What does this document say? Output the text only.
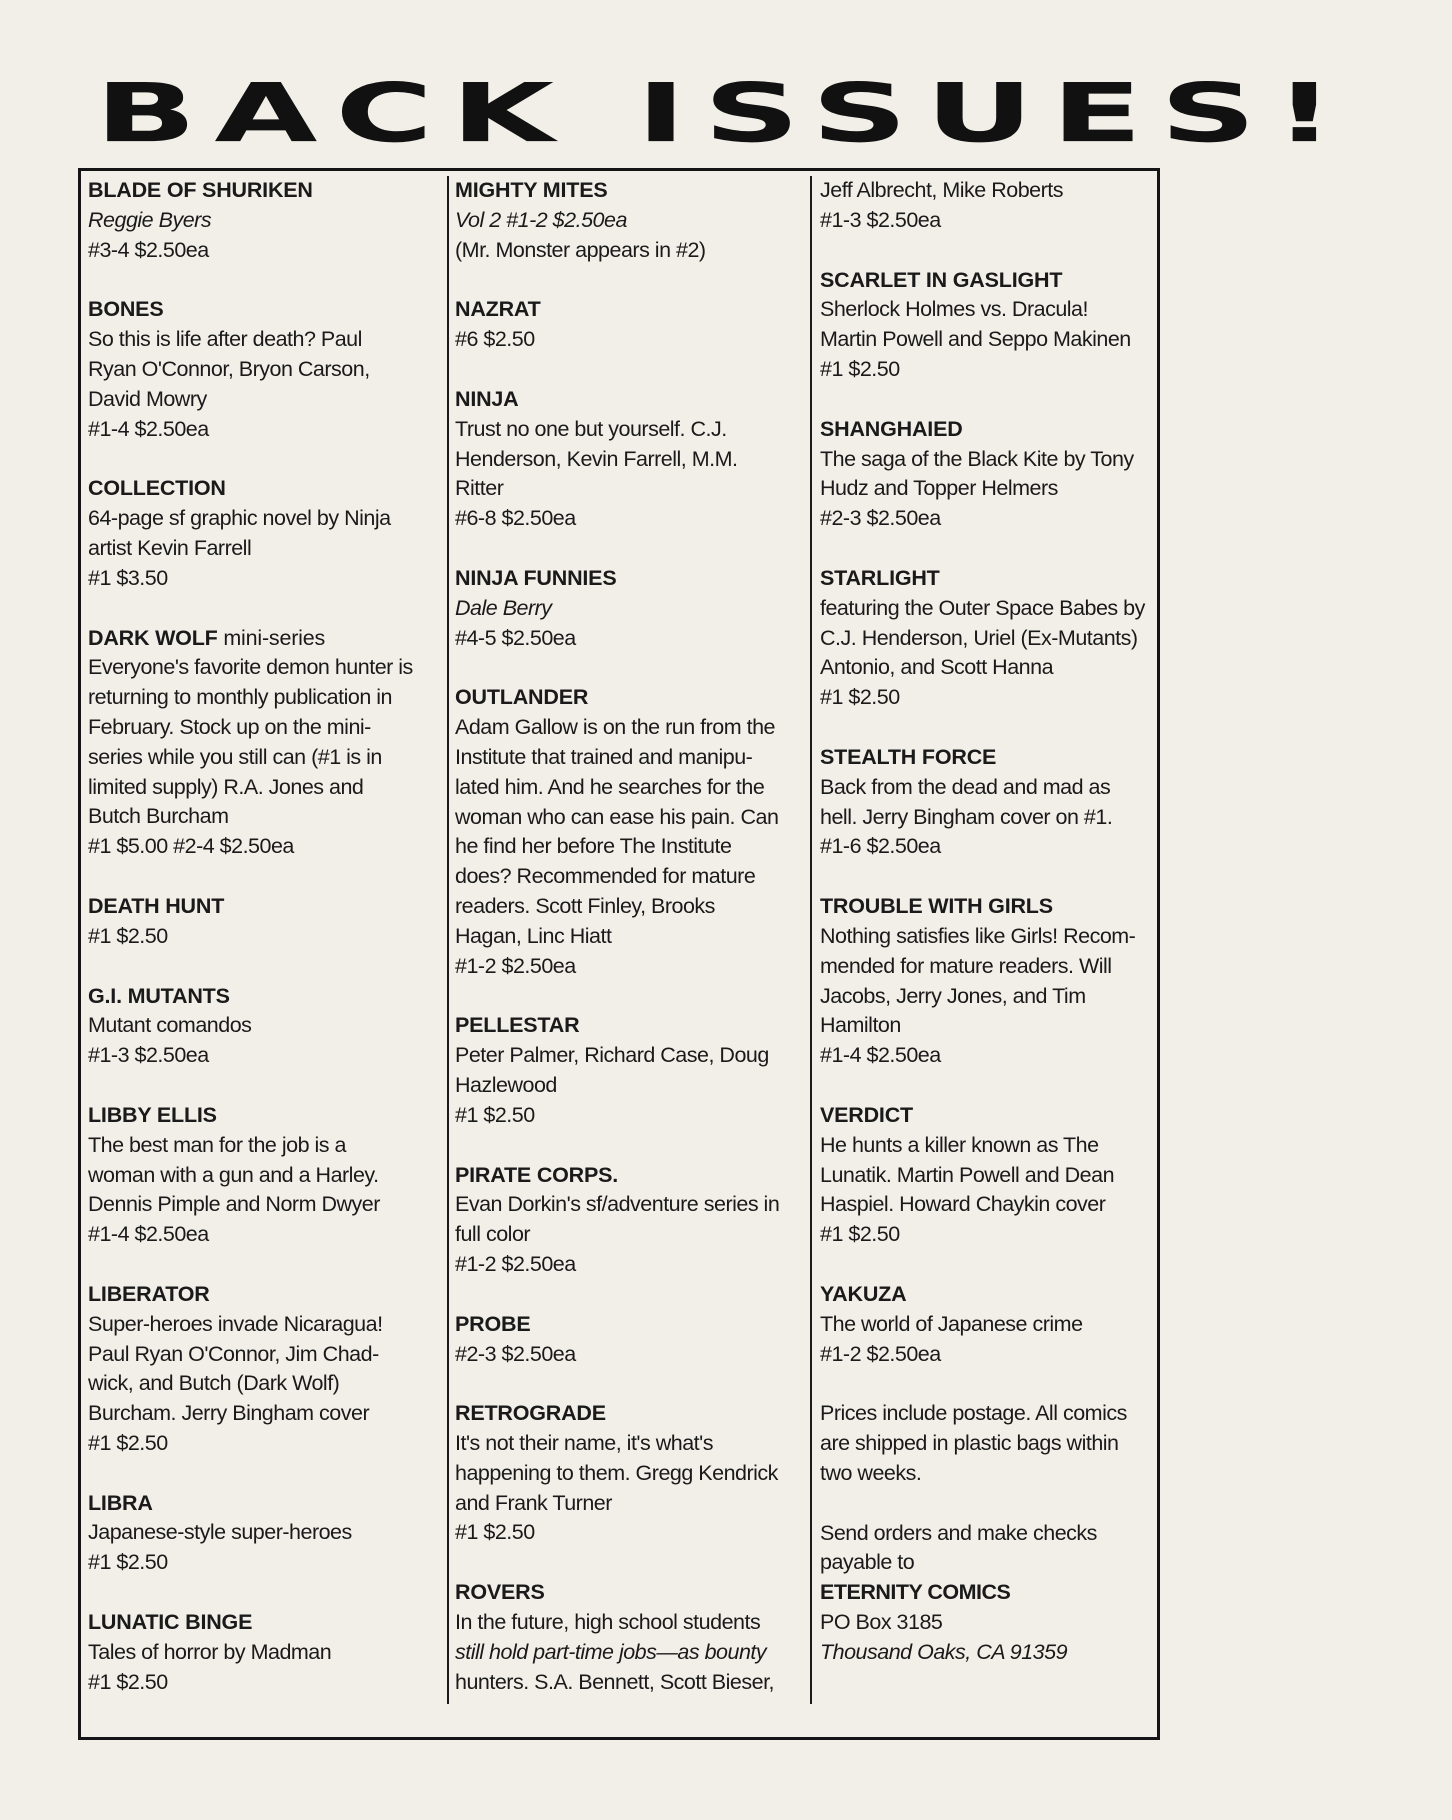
BACK ISSUES!
BLADE OF SHURIKEN
Reggie Byers
#3-4 $2.50ea
BONES
So this is life after death? Paul
Ryan O'Connor, Bryon Carson,
David Mowry
#1-4 $2.50ea
COLLECTION
64-page sf graphic novel by Ninja
artist Kevin Farrell
#1 $3.50
DARK WOLF mini-series
Everyone's favorite demon hunter is
returning to monthly publication in
February. Stock up on the mini-
series while you still can (#1 is in
limited supply) R.A. Jones and
Butch Burcham
#1 $5.00 #2-4 $2.50ea
DEATH HUNT
#1 $2.50
G.I. MUTANTS
Mutant comandos
#1-3 $2.50ea
LIBBY ELLIS
The best man for the job is a
woman with a gun and a Harley.
Dennis Pimple and Norm Dwyer
#1-4 $2.50ea
LIBERATOR
Super-heroes invade Nicaragua!
Paul Ryan O'Connor, Jim Chad-
wick, and Butch (Dark Wolf)
Burcham. Jerry Bingham cover
#1 $2.50
LIBRA
Japanese-style super-heroes
#1 $2.50
LUNATIC BINGE
Tales of horror by Madman
#1 $2.50
MIGHTY MITES
Vol 2 #1-2 $2.50ea
(Mr. Monster appears in #2)
NAZRAT
#6 $2.50
NINJA
Trust no one but yourself. C.J.
Henderson, Kevin Farrell, M.M.
Ritter
#6-8 $2.50ea
NINJA FUNNIES
Dale Berry
#4-5 $2.50ea
OUTLANDER
Adam Gallow is on the run from the
Institute that trained and manipu-
lated him. And he searches for the
woman who can ease his pain. Can
he find her before The Institute
does? Recommended for mature
readers. Scott Finley, Brooks
Hagan, Linc Hiatt
#1-2 $2.50ea
PELLESTAR
Peter Palmer, Richard Case, Doug
Hazlewood
#1 $2.50
PIRATE CORPS.
Evan Dorkin's sf/adventure series in
full color
#1-2 $2.50ea
PROBE
#2-3 $2.50ea
RETROGRADE
It's not their name, it's what's
happening to them. Gregg Kendrick
and Frank Turner
#1 $2.50
ROVERS
In the future, high school students
still hold part-time jobs—as bounty
hunters. S.A. Bennett, Scott Bieser,
Jeff Albrecht, Mike Roberts
#1-3 $2.50ea
SCARLET IN GASLIGHT
Sherlock Holmes vs. Dracula!
Martin Powell and Seppo Makinen
#1 $2.50
SHANGHAIED
The saga of the Black Kite by Tony
Hudz and Topper Helmers
#2-3 $2.50ea
STARLIGHT
featuring the Outer Space Babes by
C.J. Henderson, Uriel (Ex-Mutants)
Antonio, and Scott Hanna
#1 $2.50
STEALTH FORCE
Back from the dead and mad as
hell. Jerry Bingham cover on #1.
#1-6 $2.50ea
TROUBLE WITH GIRLS
Nothing satisfies like Girls! Recom-
mended for mature readers. Will
Jacobs, Jerry Jones, and Tim
Hamilton
#1-4 $2.50ea
VERDICT
He hunts a killer known as The
Lunatik. Martin Powell and Dean
Haspiel. Howard Chaykin cover
#1 $2.50
YAKUZA
The world of Japanese crime
#1-2 $2.50ea
Prices include postage. All comics
are shipped in plastic bags within
two weeks.
Send orders and make checks
payable to
ETERNITY COMICS
PO Box 3185
Thousand Oaks, CA 91359
